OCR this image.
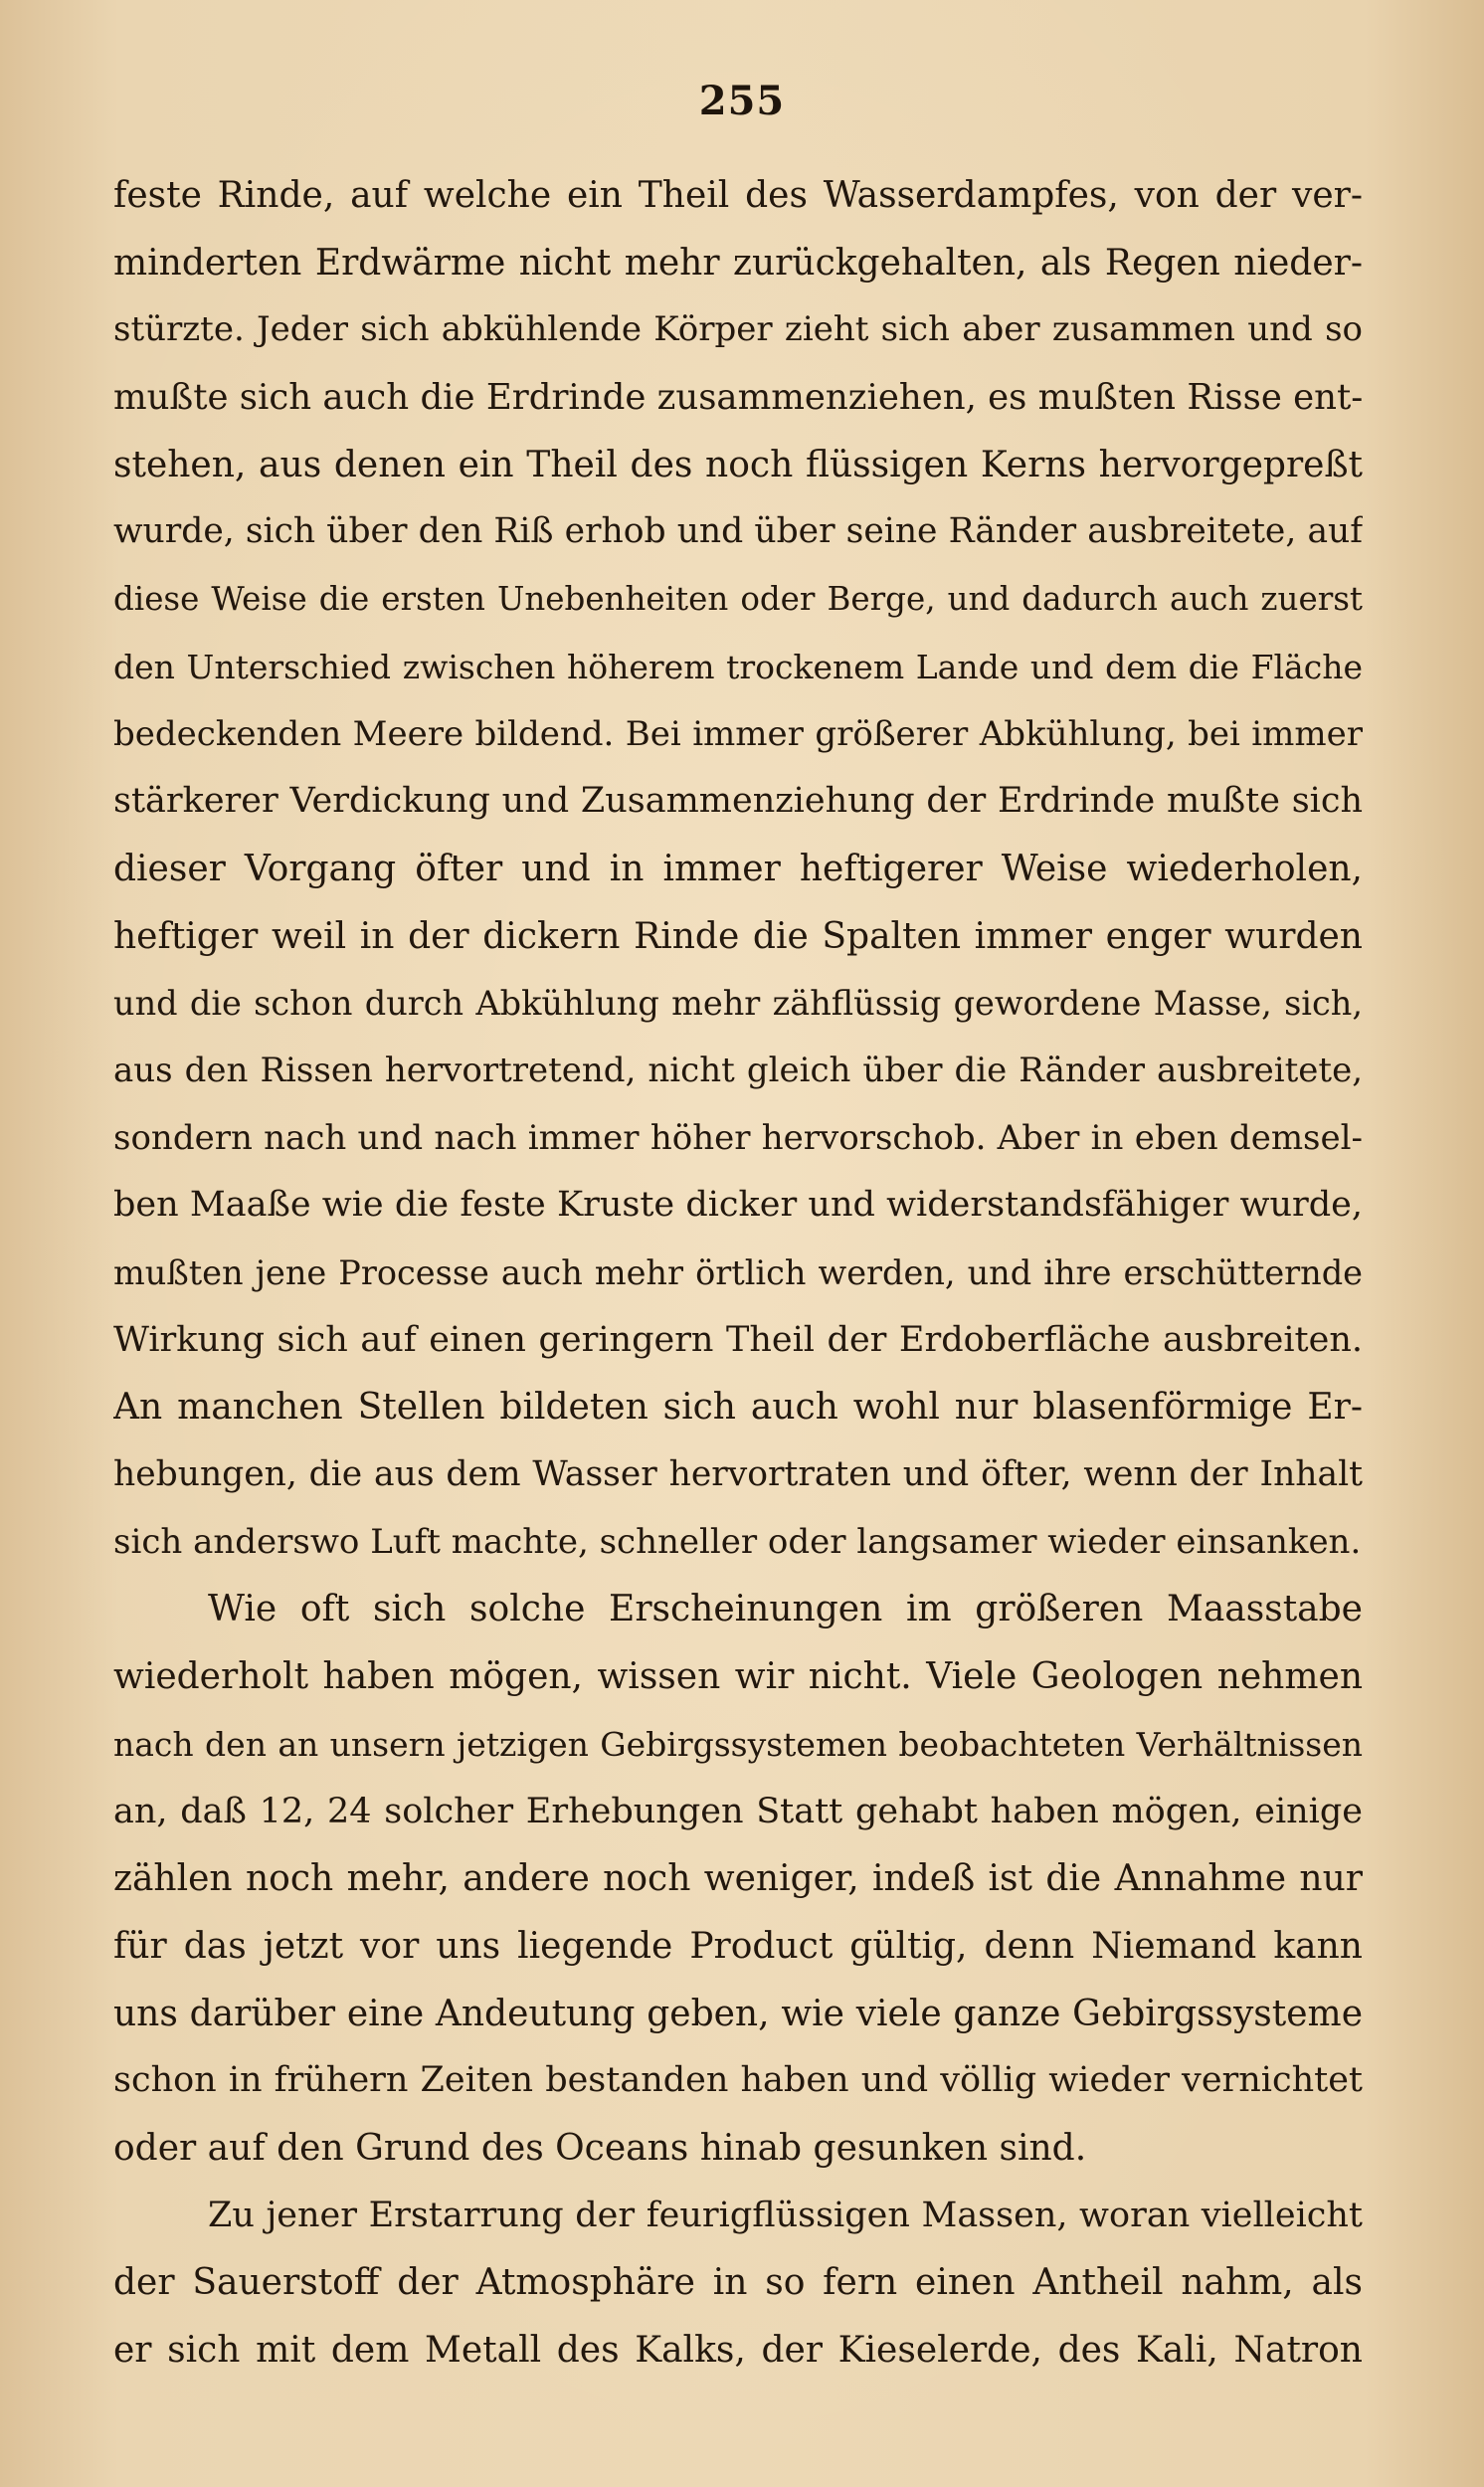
255
feste Rinde, auf welche ein Theil des Wasserdampfes, von der ver-
minderten Erdwärme nicht mehr zurückgehalten, als Regen nieder-
stürzte. Jeder sich abkühlende Körper zieht sich aber zusammen und so
mußte sich auch die Erdrinde zusammenziehen, es mußten Risse ent-
stehen, aus denen ein Theil des noch flüssigen Kerns hervorgepreßt
wurde, sich über den Riß erhob und über seine Ränder ausbreitete, auf
diese Weise die ersten Unebenheiten oder Berge, und dadurch auch zuerst
den Unterschied zwischen höherem trockenem Lande und dem die Fläche
bedeckenden Meere bildend. Bei immer größerer Abkühlung, bei immer
stärkerer Verdickung und Zusammenziehung der Erdrinde mußte sich
dieser Vorgang öfter und in immer heftigerer Weise wiederholen,
heftiger weil in der dickern Rinde die Spalten immer enger wurden
und die schon durch Abkühlung mehr zähflüssig gewordene Masse, sich,
aus den Rissen hervortretend, nicht gleich über die Ränder ausbreitete,
sondern nach und nach immer höher hervorschob. Aber in eben demsel-
ben Maaße wie die feste Kruste dicker und widerstandsfähiger wurde,
mußten jene Processe auch mehr örtlich werden, und ihre erschütternde
Wirkung sich auf einen geringern Theil der Erdoberfläche ausbreiten.
An manchen Stellen bildeten sich auch wohl nur blasenförmige Er-
hebungen, die aus dem Wasser hervortraten und öfter, wenn der Inhalt
sich anderswo Luft machte, schneller oder langsamer wieder einsanken.
Wie oft sich solche Erscheinungen im größeren Maasstabe
wiederholt haben mögen, wissen wir nicht. Viele Geologen nehmen
nach den an unsern jetzigen Gebirgssystemen beobachteten Verhältnissen
an, daß 12, 24 solcher Erhebungen Statt gehabt haben mögen, einige
zählen noch mehr, andere noch weniger, indeß ist die Annahme nur
für das jetzt vor uns liegende Product gültig, denn Niemand kann
uns darüber eine Andeutung geben, wie viele ganze Gebirgssysteme
schon in frühern Zeiten bestanden haben und völlig wieder vernichtet
oder auf den Grund des Oceans hinab gesunken sind.
Zu jener Erstarrung der feurigflüssigen Massen, woran vielleicht
der Sauerstoff der Atmosphäre in so fern einen Antheil nahm, als
er sich mit dem Metall des Kalks, der Kieselerde, des Kali, Natron
